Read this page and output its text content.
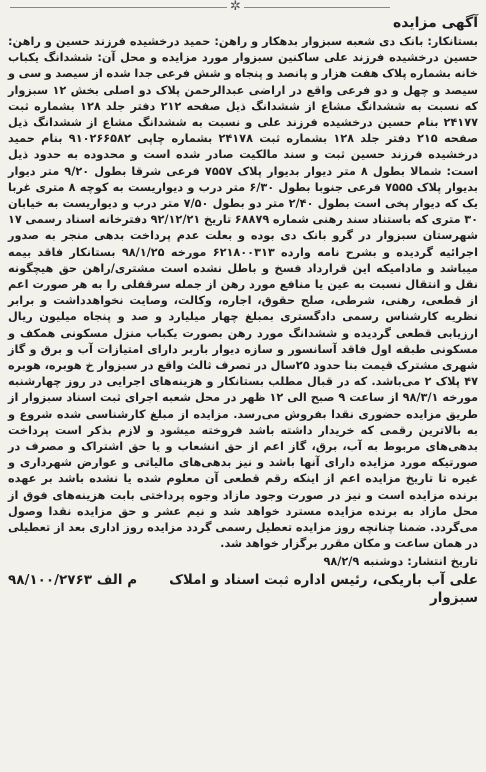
✲
آگهی مزایده

بستانکار: بانک دی شعبه سبزوار بدهکار و راهن: حمید درخشیده فرزند حسین و راهن: حسین درخشیده فرزند علی ساکنین سبزوار مورد مزایده و محل آن: ششدانگ یکباب خانه بشماره پلاک هفت هزار و پانصد و پنجاه و شش فرعی جدا شده از سیصد و سی و سیصد و چهل و دو فرعی واقع در اراضی عبدالرحمن پلاک دو اصلی بخش ۱۲ سبزوار که نسبت به ششدانگ مشاع از ششدانگ ذیل صفحه ۲۱۲ دفتر جلد ۱۲۸ بشماره ثبت ۲۴۱۷۷ بنام حسین درخشیده فرزند علی و نسبت به ششدانگ مشاع از ششدانگ ذیل صفحه ۲۱۵ دفتر جلد ۱۲۸ بشماره ثبت ۲۴۱۷۸ بشماره چاپی ۹۱۰۲۶۶۵۸۲ بنام حمید درخشیده فرزند حسین ثبت و سند مالکیت صادر شده است و محدوده به حدود ذیل است: شمالا بطول ۸ متر دیوار بدیوار پلاک ۷۵۵۷ فرعی شرقا بطول ۹/۲۰ متر دیوار بدیوار پلاک ۷۵۵۵ فرعی جنوبا بطول ۶/۳۰ متر درب و دیواریست به کوچه ۸ متری غربا یک که دیوار پخی است بطول ۲/۴۰ متر دو بطول ۷/۵۰ متر درب و دیواریست به خیابان ۳۰ متری که باستناد سند رهنی شماره ۶۸۸۷۹ تاریخ ۹۲/۱۲/۲۱ دفترخانه اسناد رسمی ۱۷ شهرستان سبزوار در گرو بانک دی بوده و بعلت عدم پرداخت بدهی منجر به صدور اجرائیه گردیده و بشرح نامه وارده ۶۲۱۸۰۰۳۱۳ مورخه ۹۸/۱/۲۵ بستانکار فاقد بیمه میباشد و مادامیکه این قرارداد فسخ و باطل نشده است مشتری/راهن حق هیچگونه نقل و انتقال نسبت به عین یا منافع مورد رهن از جمله سرقفلی را به هر صورت اعم از قطعی، رهنی، شرطی، صلح حقوق، اجاره، وکالت، وصایت نخواهدداشت و برابر نظریه کارشناس رسمی دادگستری بمبلغ چهار میلیارد و صد و پنجاه میلیون ریال ارزیابی قطعی گردیده و ششدانگ مورد رهن بصورت یکباب منزل مسکونی همکف و مسکونی طبقه اول فاقد آسانسور و سازه دیوار باربر دارای امتیازات آب و برق و گاز شهری مشترک قیمت بنا حدود ۲۵سال در تصرف ثالث واقع در سبزوار خ هوبره، هوبره ۴۷ پلاک ۲ می‌باشد. که در قبال مطلب بستانکار و هزینه‌های اجرایی در روز چهارشنبه مورخه ۹۸/۳/۱ از ساعت ۹ صبح الی ۱۲ ظهر در محل شعبه اجرای ثبت اسناد سبزوار از طریق مزایده حضوری نقدا بفروش می‌رسد. مزایده از مبلغ کارشناسی شده شروع و به بالاترین رقمی که خریدار داشته باشد فروخته میشود و لازم بذکر است پرداخت بدهی‌های مربوط به آب، برق، گاز اعم از حق انشعاب و یا حق اشتراک و مصرف در صورتیکه مورد مزایده دارای آنها باشد و نیز بدهی‌های مالیاتی و عوارض شهرداری و غیره تا تاریخ مزایده اعم از اینکه رقم قطعی آن معلوم شده یا نشده باشد بر عهده برنده مزایده است و نیز در صورت وجود مازاد وجوه پرداختی بابت هزینه‌های فوق از محل مازاد به برنده مزایده مسترد خواهد شد و نیم عشر و حق مزایده نقدا وصول می‌گردد. ضمنا چنانچه روز مزایده تعطیل رسمی گردد مزایده روز اداری بعد از تعطیلی در همان ساعت و مکان مقرر برگزار خواهد شد.

تاریخ انتشار: دوشنبه ۹۸/۲/۹
علی آب باریکی، رئیس اداره ثبت اسناد و املاک سبزوار
م الف ۹۸/۱۰۰/۲۷۶۳
